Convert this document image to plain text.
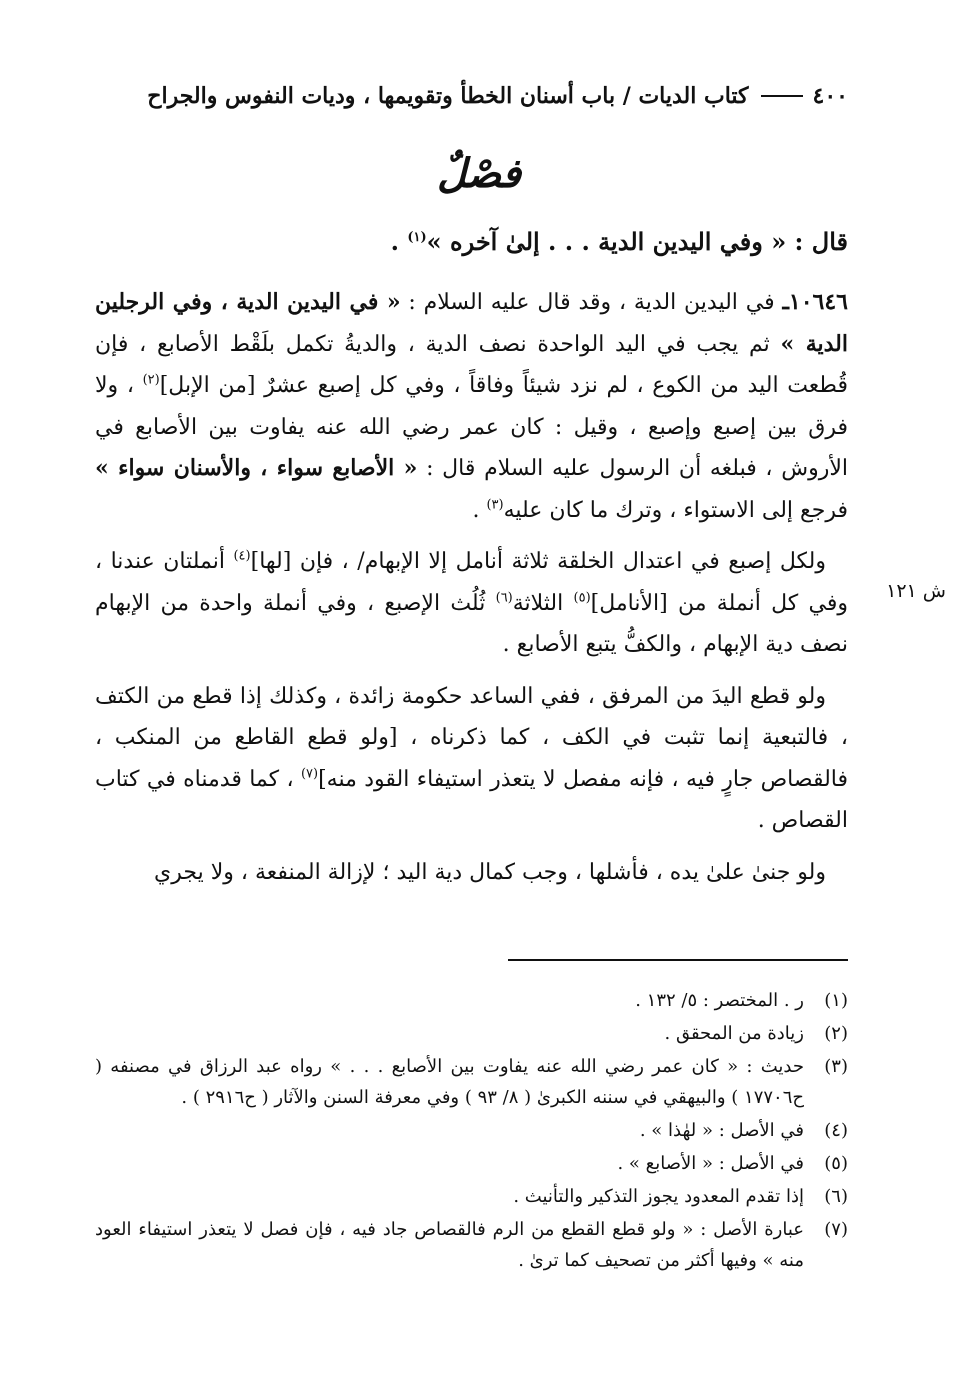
٤٠٠
كتاب الديات / باب أسنان الخطأ وتقويمها ، وديات النفوس والجراح
فصْلٌ
قال : « وفي اليدين الدية . . . إلىٰ آخره »$^{(١)}$ .
ش ١٢١

١٠٦٤٦ـ في اليدين الدية ، وقد قال عليه السلام : « في اليدين الدية ، وفي الرجلين الدية » ثم يجب في اليد الواحدة نصف الدية ، والديةُ تكمل بلَقْط الأصابع ، فإن قُطعت اليد من الكوع ، لم نزد شيئاً وفاقاً ، وفي كل إصبع عشرٌ [من الإبل]$^{(٢)}$ ، ولا فرق بين إصبع وإصبع ، وقيل : كان عمر رضي الله عنه يفاوت بين الأصابع في الأروش ، فبلغه أن الرسول عليه السلام قال : « الأصابع سواء ، والأسنان سواء » فرجع إلى الاستواء ، وترك ما كان عليه$^{(٣)}$ .

ولكل إصبع في اعتدال الخلقة ثلاثة أنامل إلا الإبهام/ ، فإن [لها]$^{(٤)}$ أنملتان عندنا ، وفي كل أنملة من [الأنامل]$^{(٥)}$ الثلاثة$^{(٦)}$ ثُلُث الإصبع ، وفي أنملة واحدة من الإبهام نصف دية الإبهام ، والكفُّ يتبع الأصابع .

ولو قطع اليدَ من المرفق ، ففي الساعد حكومة زائدة ، وكذلك إذا قطع من الكتف ، فالتبعية إنما تثبت في الكف ، كما ذكرناه ، [ولو قطع القاطع من المنكب ، فالقصاص جارٍ فيه ، فإنه مفصل لا يتعذر استيفاء القود منه]$^{(٧)}$ ، كما قدمناه في كتاب القصاص .

ولو جنىٰ علىٰ يده ، فأشلها ، وجب كمال دية اليد ؛ لإزالة المنفعة ، ولا يجري

(١)
ر . المختصر : ٥/ ١٣٢ .
(٢)
زيادة من المحقق .
(٣)
حديث : « كان عمر رضي الله عنه يفاوت بين الأصابع . . . » رواه عبد الرزاق في مصنفه ( ح١٧٧٠٦ ) والبيهقي في سننه الكبرىٰ ( ٨/ ٩٣ ) وفي معرفة السنن والآثار ( ح٢٩١٦ ) .
(٤)
في الأصل : « لهٰذا » .
(٥)
في الأصل : « الأصابع » .
(٦)
إذا تقدم المعدود يجوز التذكير والتأنيث .
(٧)
عبارة الأصل : « ولو قطع القطع من الرم فالقصاص جاد فيه ، فإن فصل لا يتعذر استيفاء العود منه » وفيها أكثر من تصحيف كما ترىٰ .
